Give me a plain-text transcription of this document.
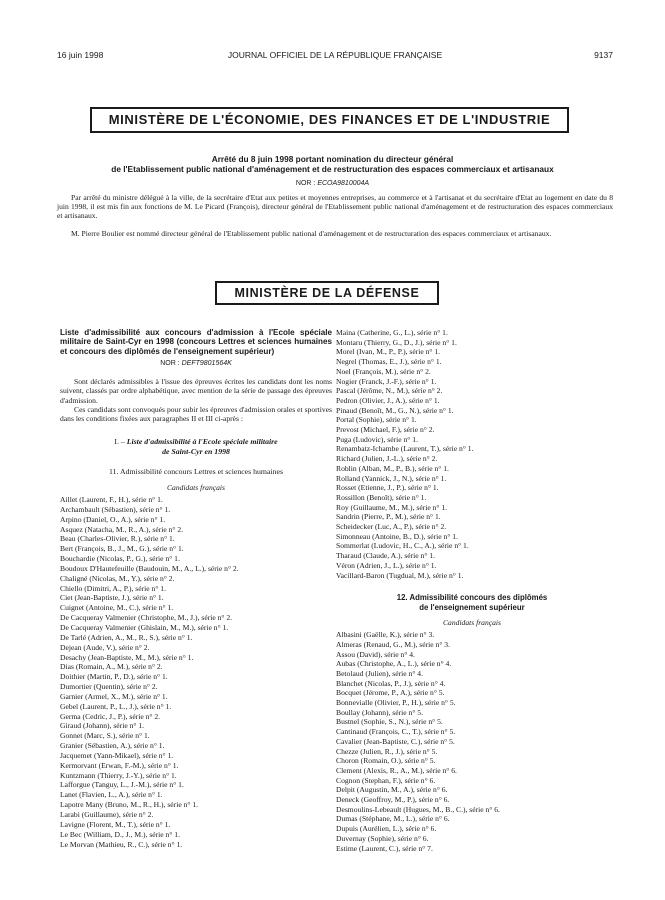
16 juin 1998	JOURNAL OFFICIEL DE LA RÉPUBLIQUE FRANÇAISE	9137
MINISTÈRE DE L'ÉCONOMIE, DES FINANCES ET DE L'INDUSTRIE
Arrêté du 8 juin 1998 portant nomination du directeur général
de l'Etablissement public national d'aménagement et de restructuration des espaces commerciaux et artisanaux
NOR : ECOA9810004A

Par arrêté du ministre délégué à la ville, de la secrétaire d'Etat aux petites et moyennes entreprises, au commerce et à l'artisanat et du secrétaire d'Etat au logement en date du 8 juin 1998, il est mis fin aux fonctions de M. Le Picard (François), directeur général de l'Etablissement public national d'aménagement et de restructuration des espaces commerciaux et artisanaux.

M. Pierre Boulier est nommé directeur général de l'Etablissement public national d'aménagement et de restructuration des espaces commerciaux et artisanaux.

MINISTÈRE DE LA DÉFENSE
Liste d'admissibilité aux concours d'admission à l'Ecole spéciale militaire de Saint-Cyr en 1998 (concours Lettres et sciences humaines et concours des diplômés de l'enseignement supérieur)
NOR : DEFT9801564K

Sont déclarés admissibles à l'issue des épreuves écrites les candidats dont les noms suivent, classés par ordre alphabétique, avec mention de la série de passage des épreuves d'admission.

Ces candidats sont convoqués pour subir les épreuves d'admission orales et sportives dans les conditions fixées aux paragraphes II et III ci-après :

I. – Liste d'admissibilité à l'Ecole spéciale militaire
de Saint-Cyr en 1998
11. Admissibilité concours Lettres et sciences humaines
Candidats français
Aillet (Laurent, F., H.), série n° 1.
Archambault (Sébastien), série n° 1.
Arpino (Daniel, O., A.), série n° 1.
Asquez (Natacha, M., R., A.), série n° 2.
Beau (Charles-Olivier, R.), série n° 1.
Bert (François, B., J., M., G.), série n° 1.
Bouchardie (Nicolas, P., G.), série n° 1.
Boudoux D'Hautefeuille (Baudouin, M., A., L.), série n° 2.
Chaligné (Nicolas, M., Y.), série n° 2.
Chiello (Dimitri, A., P.), série n° 1.
Ciet (Jean-Baptiste, J.), série n° 1.
Cuignet (Antoine, M., C.), série n° 1.
De Cacqueray Valmenier (Christophe, M., J.), série n° 2.
De Cacqueray Valmenier (Ghislain, M., M.), série n° 1.
De Tarlé (Adrien, A., M., R., S.), série n° 1.
Dejean (Aude, V.), série n° 2.
Desachy (Jean-Baptiste, M., M.), série n° 1.
Dias (Romain, A., M.), série n° 2.
Doithier (Martin, P., D.), série n° 1.
Dumortier (Quentin), série n° 2.
Garnier (Armel, X., M.), série n° 1.
Gebel (Laurent, P., L., J.), série n° 1.
Germa (Cedric, J., P.), série n° 2.
Giraud (Johann), série n° 1.
Gonnet (Marc, S.), série n° 1.
Granier (Sébastien, A.), série n° 1.
Jacquemet (Yann-Mikael), série n° 1.
Kermorvant (Erwan, F.-M.), série n° 1.
Kuntzmann (Thierry, J.-Y.), série n° 1.
Lafforgue (Tanguy, L., J.-M.), série n° 1.
Lanet (Flavien, L., A.), série n° 1.
Lapotre Many (Bruno, M., R., H.), série n° 1.
Larabi (Guillaume), série n° 2.
Lavigne (Florent, M., T.), série n° 1.
Le Bec (William, D., J., M.), série n° 1.
Le Morvan (Mathieu, R., C.), série n° 1.
Maina (Catherine, G., L.), série n° 1.
Montaru (Thierry, G., D., J.), série n° 1.
Morel (Ivan, M., P., P.), série n° 1.
Negrel (Thomas, E., J.), série n° 1.
Noel (François, M.), série n° 2.
Nogier (Franck, J.-F.), série n° 1.
Pascal (Jérôme, N., M.), série n° 2.
Pedron (Olivier, J., A.), série n° 1.
Pinaud (Benoît, M., G., N.), série n° 1.
Portal (Sophie), série n° 1.
Prevost (Michael, F.), série n° 2.
Puga (Ludovic), série n° 1.
Renambatz-Ichambe (Laurent, T.), série n° 1.
Richard (Julien, J.-L.), série n° 2.
Roblin (Alban, M., P., B.), série n° 1.
Rolland (Yannick, J., N.), série n° 1.
Rosset (Etienne, J., P.), série n° 1.
Rossillon (Benoît), série n° 1.
Roy (Guillaume, M., M.), série n° 1.
Sandrin (Pierre, P., M.), série n° 1.
Scheidecker (Luc, A., P.), série n° 2.
Simonneau (Antoine, B., D.), série n° 1.
Sommerlat (Ludovic, H., C., A.), série n° 1.
Tharaud (Claude, A.), série n° 1.
Véron (Adrien, J., L.), série n° 1.
Vacillard-Baron (Tugdual, M.), série n° 1.
12. Admissibilité concours des diplômés
de l'enseignement supérieur
Candidats français
Albasini (Gaëlle, K.), série n° 3.
Almeras (Renaud, G., M.), série n° 3.
Assou (David), série n° 4.
Aubas (Christophe, A., L.), série n° 4.
Betolaud (Julien), série n° 4.
Blanchet (Nicolas, P., J.), série n° 4.
Bocquet (Jérome, P., A.), série n° 5.
Bonnevialle (Olivier, P., H.), série n° 5.
Boullay (Johann), série n° 5.
Bustnel (Sophie, S., N.), série n° 5.
Cantinaud (François, C., T.), série n° 5.
Cavalier (Jean-Baptiste, C.), série n° 5.
Chezze (Julien, R., J.), série n° 5.
Choron (Romain, O.), série n° 5.
Clement (Alexis, R., A., M.), série n° 6.
Cognon (Stephan, F.), série n° 6.
Delpit (Augustin, M., A.), série n° 6.
Deneck (Geoffroy, M., P.), série n° 6.
Desmoulins-Lebeault (Hugues, M., B., C.), série n° 6.
Dumas (Stéphane, M., L.), série n° 6.
Dupuis (Aurélien, L.), série n° 6.
Duvernay (Sophie), série n° 6.
Estime (Laurent, C.), série n° 7.
